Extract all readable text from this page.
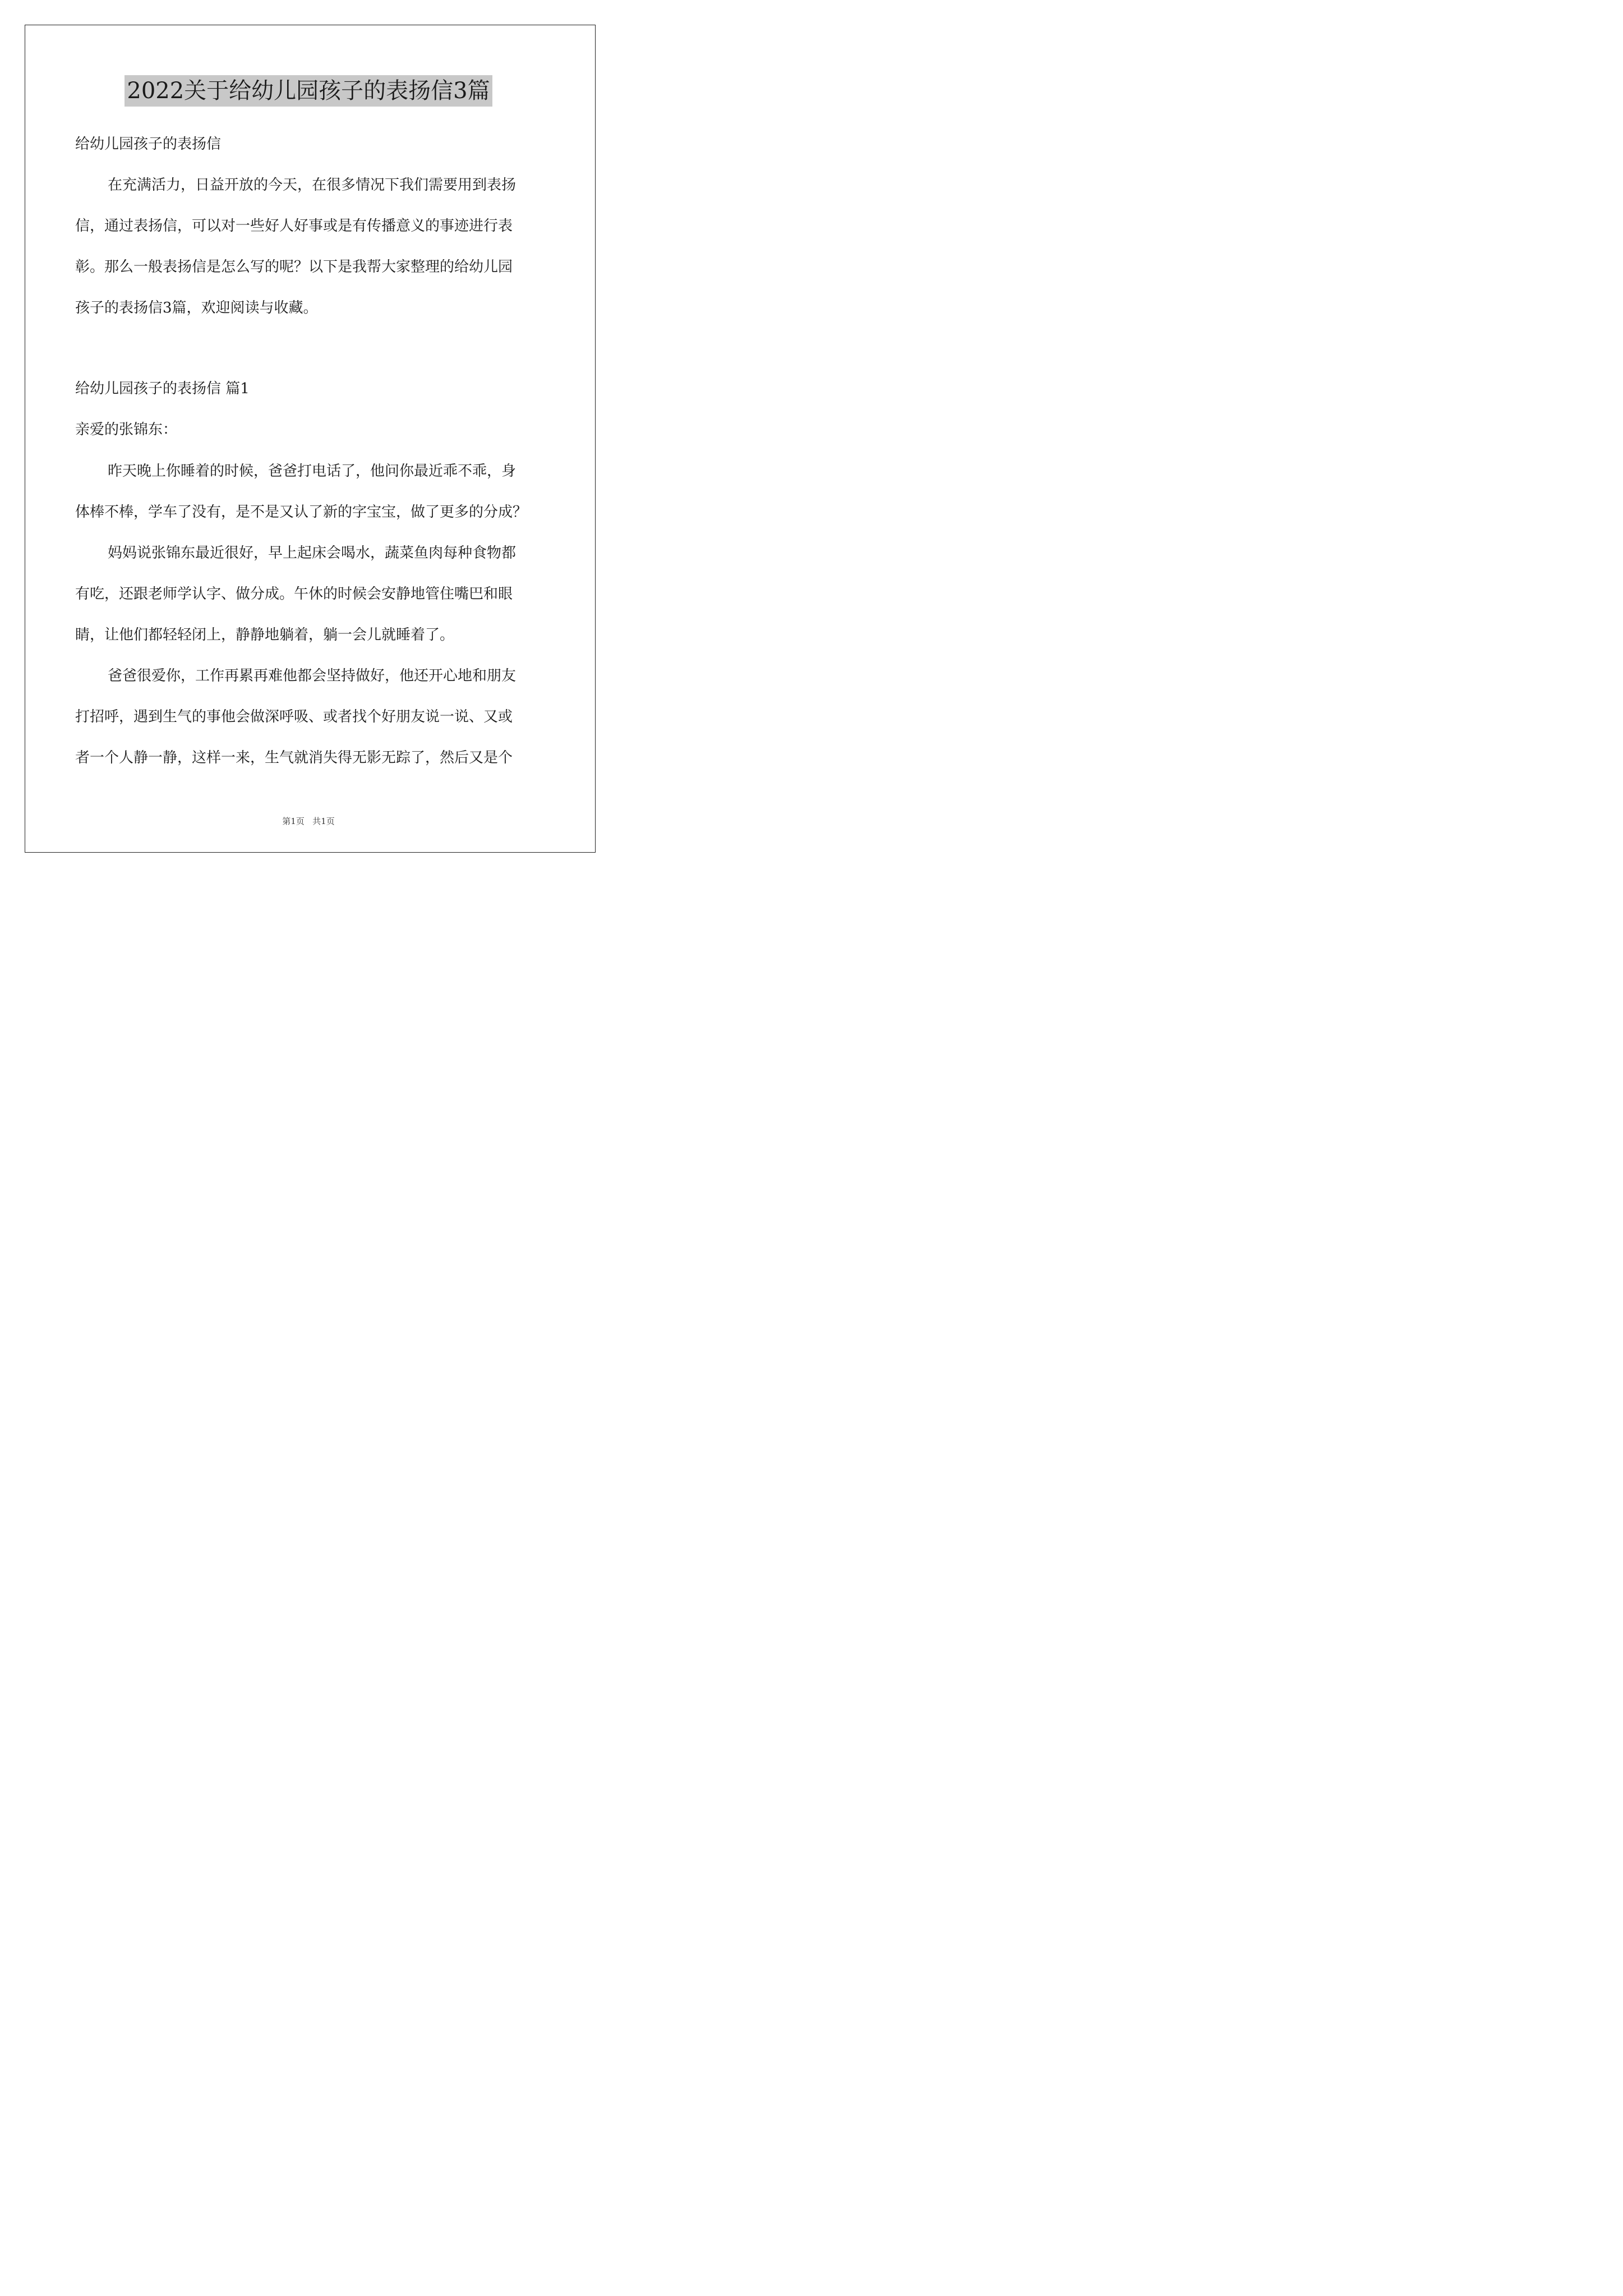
2022关于给幼儿园孩子的表扬信3篇

给幼儿园孩子的表扬信

在充满活力，日益开放的今天，在很多情况下我们需要用到表扬

信，通过表扬信，可以对一些好人好事或是有传播意义的事迹进行表

彰。那么一般表扬信是怎么写的呢？以下是我帮大家整理的给幼儿园

孩子的表扬信3篇，欢迎阅读与收藏。

给幼儿园孩子的表扬信 篇1

亲爱的张锦东：

昨天晚上你睡着的时候，爸爸打电话了，他问你最近乖不乖，身

体棒不棒，学车了没有，是不是又认了新的字宝宝，做了更多的分成？

妈妈说张锦东最近很好，早上起床会喝水，蔬菜鱼肉每种食物都

有吃，还跟老师学认字、做分成。午休的时候会安静地管住嘴巴和眼

睛，让他们都轻轻闭上，静静地躺着，躺一会儿就睡着了。

爸爸很爱你，工作再累再难他都会坚持做好，他还开心地和朋友

打招呼，遇到生气的事他会做深呼吸、或者找个好朋友说一说、又或

者一个人静一静，这样一来，生气就消失得无影无踪了，然后又是个

第1页   共1页
